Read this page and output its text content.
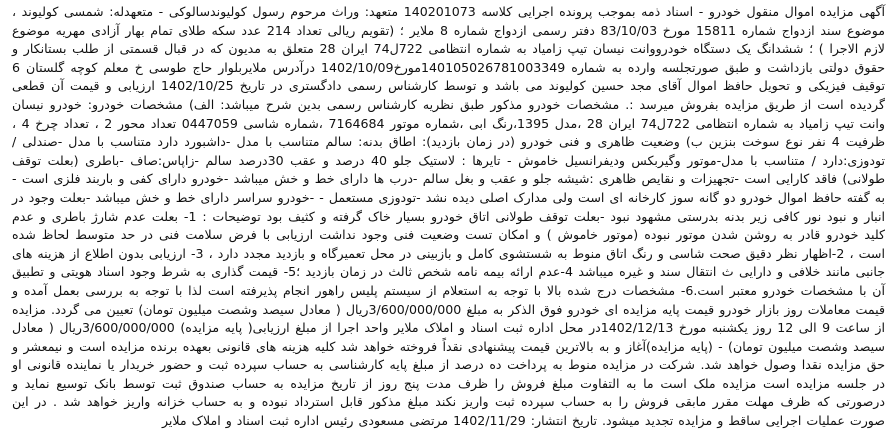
آگهی مزایده اموال منقول خودرو - اسناد ذمه بموجب پرونده اجرایی کلاسه 140201073 متعهد: وراث مرحوم رسول کولیوندسالوکی - متعهدله: شمسی کولیوند ، موضوع سند ازدواج شماره 15811 مورخ 83/10/03 دفتر رسمی ازدواج شماره 8 ملایر ؛ (تقویم ریالی تعداد 214 عدد سکه طلای تمام بهار آزادی مهریه موضوع لازم الاجرا ) ؛ ششدانگ یک دستگاه خودرووانت نیسان تیپ زامیاد به شماره انتظامی 722ل74 ایران 28 متعلق به مدیون که در قبال قسمتی از طلب بستانکار و حقوق دولتی بازداشت و طبق صورتجلسه وارده به شماره 140105026781003349مورخ1402/10/09 درآدرس ملایربلوار حاج طوسی خ معلم کوچه گلستان 6 توقیف فیزیکی و تحویل حافظ اموال آقای مجد حسین کولیوند می باشد و توسط کارشناس رسمی دادگستری در تاریخ 1402/10/25 ارزیابی و قیمت آن قطعی گردیده است از طریق مزایده بفروش میرسد :. مشخصات خودرو مذکور طبق نظریه کارشناس رسمی بدین شرح میباشد: الف) مشخصات خودرو: خودرو نیسان وانت تیپ زامیاد به شماره انتظامی 722ل74 ایران 28 ،مدل 1395،رنگ ابی ،شماره موتور 7164684 ،شماره شاسی 0447059 تعداد محور 2 ، تعداد چرخ 4 ، ظرفیت 4 نفر نوع سوخت بنزین ب) وضعیت ظاهری و فنی خودرو (در زمان بازدید): اطاق بدنه: سالم متناسب با مدل -داشبورد دارد متناسب با مدل -صندلی /تودوزی:دارد / متناسب با مدل-موتور وگیربکس ودیفرانسیل خاموش - تایرها : لاستیک جلو 40 درصد و عقب 30درصد سالم -زاپاس:صاف -باطری (بعلت توقف طولانی) فاقد کارایی است -تجهیزات و نقایص ظاهری :شیشه جلو و عقب و بغل سالم -درب ها دارای خط و خش میباشد -خودرو دارای کفی و باربند فلزی است - به گفته حافظ اموال خودرو دو گانه سوز کارخانه ای است ولی مدارک اصلی دیده نشد -تودوزی مستعمل - -خودرو سراسر دارای خط و خش میباشد -بعلت وجود در انبار و نبود نور کافی زیر بدنه بدرستی مشهود نبود -بعلت توقف طولانی اتاق خودرو بسیار خاک گرفته و کثیف بود توضیحات : 1- بعلت عدم شارژ باطری و عدم کلید خودرو قادر به روشن شدن موتور نبوده (موتور خاموش ) و امکان تست وضعیت فنی وجود نداشت ارزیابی با فرض سلامت فنی در حد متوسط لحاظ شده است ، 2-اظهار نظر دقیق صحت شاسی و رنگ اتاق منوط به شستشوی کامل و بازبینی در محل تعمیرگاه و بازدید مجدد دارد ، 3- ارزیابی بدون اطلاع از هزینه های جانبی مانند خلافی و دارایی ث انتقال سند و غیره میباشد 4-عدم ارائه بیمه نامه شخص ثالث در زمان بازدید ؛5- قیمت گذاری به شرط وجود اسناد هویتی و تطبیق آن با مشخصات خودرو معتبر است.6- مشخصات درج شده بالا با توجه به استعلام از سیستم پلیس راهور انجام پذیرفته است لذا با توجه به بررسی بعمل آمده و قیمت معاملات روز بازار خودرو قیمت پایه مزایده ای خودرو فوق الذکر به مبلغ 3/600/000/000ریال ( معادل سیصد وشصت میلیون تومان) تعیین می گردد. مزایده از ساعت 9 الی 12 روز یکشنبه مورخ 1402/12/13در محل اداره ثبت اسناد و املاک ملایر واحد اجرا از مبلغ ارزیابی( پایه مزایده) 3/600/000/000ریال ( معادل سیصد وشصت میلیون تومان) - (پایه مزایده)آغاز و به بالاترین قیمت پیشنهادی نقداً فروخته خواهد شد کلیه هزینه های قانونی بعهده برنده مزایده است و نیمعشر و حق مزایده نقدا وصول خواهد شد. شرکت در مزایده منوط به پرداخت ده درصد از مبلغ پایه کارشناسی به حساب سپرده ثبت و حضور خریدار یا نماینده قانونی او در جلسه مزایده است مزایده ملک است ما به التفاوت مبلغ فروش را ظرف مدت پنج روز از تاریخ مزایده به حساب صندوق ثبت توسط بانک توسیع نماید و درصورتی که ظرف مهلت مقرر مابقی فروش را به حساب سپرده ثبت واریز نکند مبلغ مذکور قابل استرداد نبوده و به حساب خزانه واریز خواهد شد . در این صورت عملیات اجرایی ساقط و مزایده تجدید میشود. تاریخ انتشار: 1402/11/29 مرتضی مسعودی رئیس اداره ثبت اسناد و املاک ملایر
